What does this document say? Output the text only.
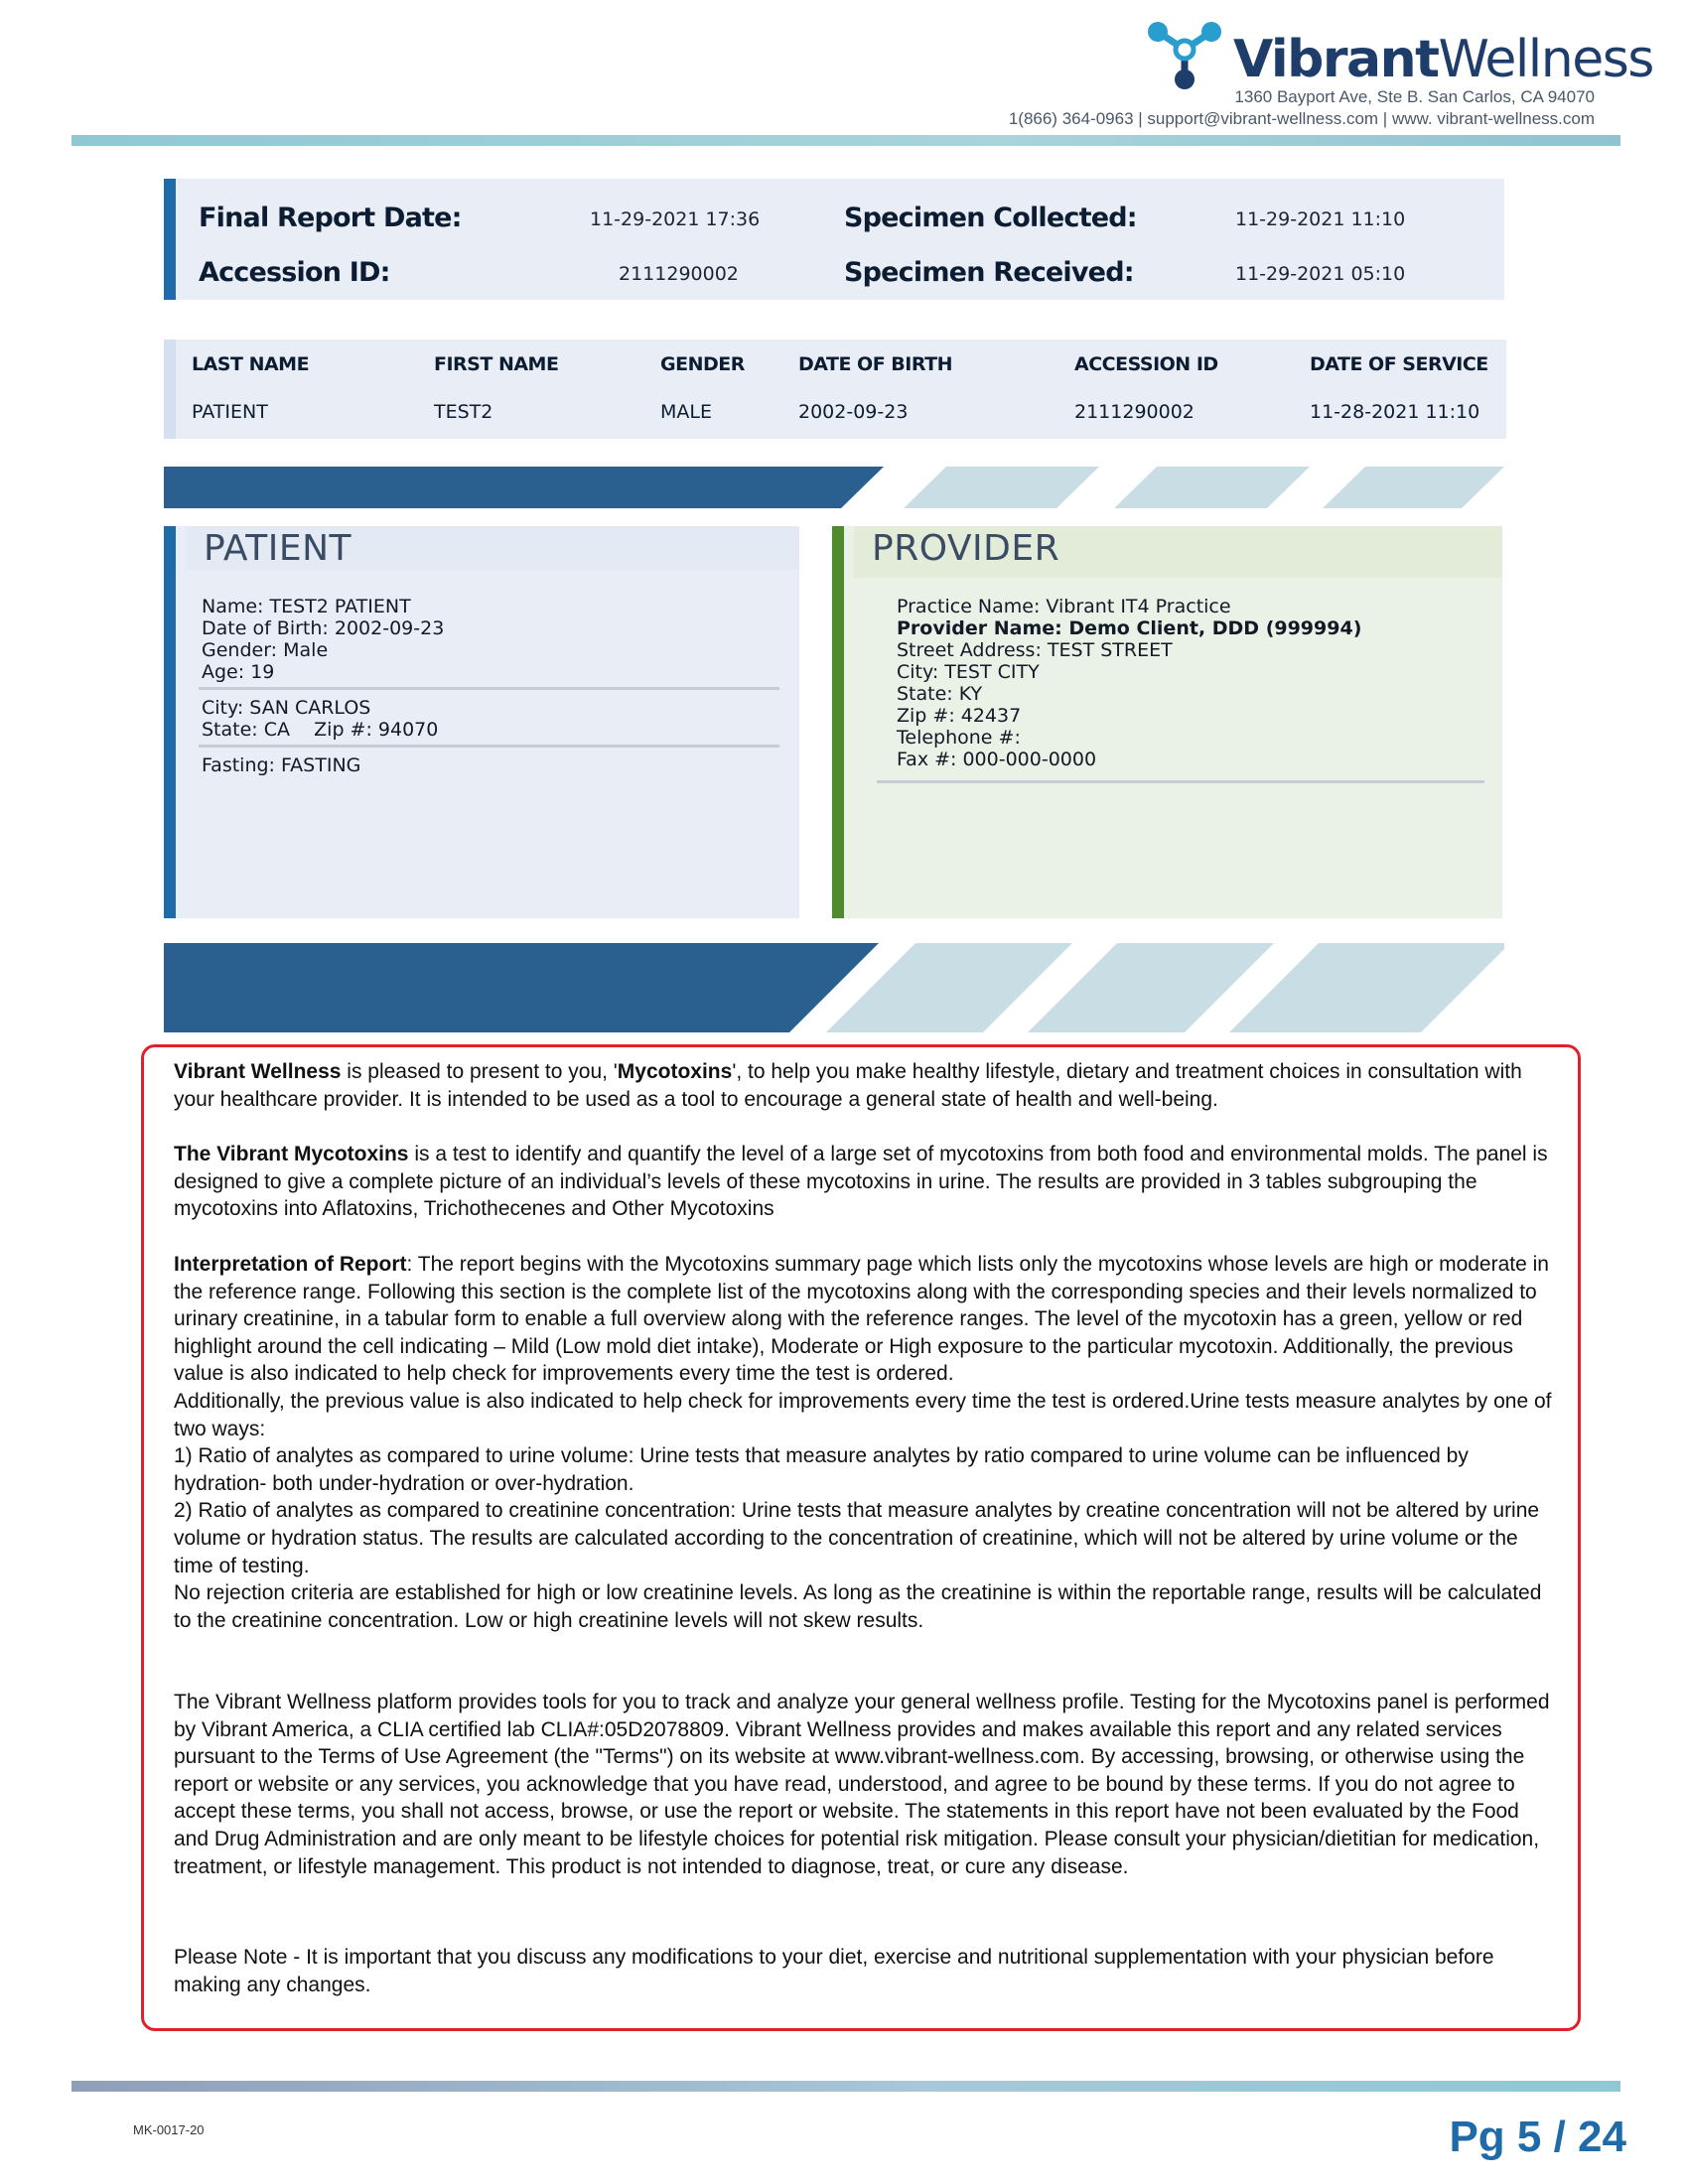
VibrantWellness
1360 Bayport Ave, Ste B. San Carlos, CA 94070
1(866) 364-0963 | support@vibrant-wellness.com | www. vibrant-wellness.com
Final Report Date:	11-29-2021 17:36
Accession ID:	2111290002
Specimen Collected:	11-29-2021 11:10
Specimen Received:	11-29-2021 05:10
LAST NAME	FIRST NAME	GENDER	DATE OF BIRTH	ACCESSION ID	DATE OF SERVICE
PATIENT	TEST2	MALE	2002-09-23	2111290002	11-28-2021 11:10
PATIENT
Name: TEST2 PATIENT
Date of Birth: 2002-09-23
Gender: Male
Age: 19
City: SAN CARLOS
State: CA    Zip #: 94070
Fasting: FASTING
PROVIDER
Practice Name: Vibrant IT4 Practice
Provider Name: Demo Client, DDD (999994)
Street Address: TEST STREET
City: TEST CITY
State: KY
Zip #: 42437
Telephone #:
Fax #: 000-000-0000
Vibrant Wellness is pleased to present to you, 'Mycotoxins', to help you make healthy lifestyle, dietary and treatment choices in consultation with your healthcare provider. It is intended to be used as a tool to encourage a general state of health and well-being.
The Vibrant Mycotoxins is a test to identify and quantify the level of a large set of mycotoxins from both food and environmental molds. The panel is designed to give a complete picture of an individual’s levels of these mycotoxins in urine. The results are provided in 3 tables subgrouping the mycotoxins into Aflatoxins, Trichothecenes and Other Mycotoxins
Interpretation of Report: The report begins with the Mycotoxins summary page which lists only the mycotoxins whose levels are high or moderate in the reference range. Following this section is the complete list of the mycotoxins along with the corresponding species and their levels normalized to urinary creatinine, in a tabular form to enable a full overview along with the reference ranges. The level of the mycotoxin has a green, yellow or red highlight around the cell indicating – Mild (Low mold diet intake), Moderate or High exposure to the particular mycotoxin. Additionally, the previous value is also indicated to help check for improvements every time the test is ordered.
Additionally, the previous value is also indicated to help check for improvements every time the test is ordered.Urine tests measure analytes by one of two ways:
1) Ratio of analytes as compared to urine volume: Urine tests that measure analytes by ratio compared to urine volume can be influenced by hydration- both under-hydration or over-hydration.
2) Ratio of analytes as compared to creatinine concentration: Urine tests that measure analytes by creatine concentration will not be altered by urine volume or hydration status. The results are calculated according to the concentration of creatinine, which will not be altered by urine volume or the time of testing.
No rejection criteria are established for high or low creatinine levels. As long as the creatinine is within the reportable range, results will be calculated to the creatinine concentration. Low or high creatinine levels will not skew results.
The Vibrant Wellness platform provides tools for you to track and analyze your general wellness profile. Testing for the Mycotoxins panel is performed by Vibrant America, a CLIA certified lab CLIA#:05D2078809. Vibrant Wellness provides and makes available this report and any related services pursuant to the Terms of Use Agreement (the "Terms") on its website at www.vibrant-wellness.com. By accessing, browsing, or otherwise using the report or website or any services, you acknowledge that you have read, understood, and agree to be bound by these terms. If you do not agree to accept these terms, you shall not access, browse, or use the report or website. The statements in this report have not been evaluated by the Food and Drug Administration and are only meant to be lifestyle choices for potential risk mitigation. Please consult your physician/dietitian for medication, treatment, or lifestyle management. This product is not intended to diagnose, treat, or cure any disease.
Please Note - It is important that you discuss any modifications to your diet, exercise and nutritional supplementation with your physician before making any changes.
MK-0017-20	Pg 5 / 24
